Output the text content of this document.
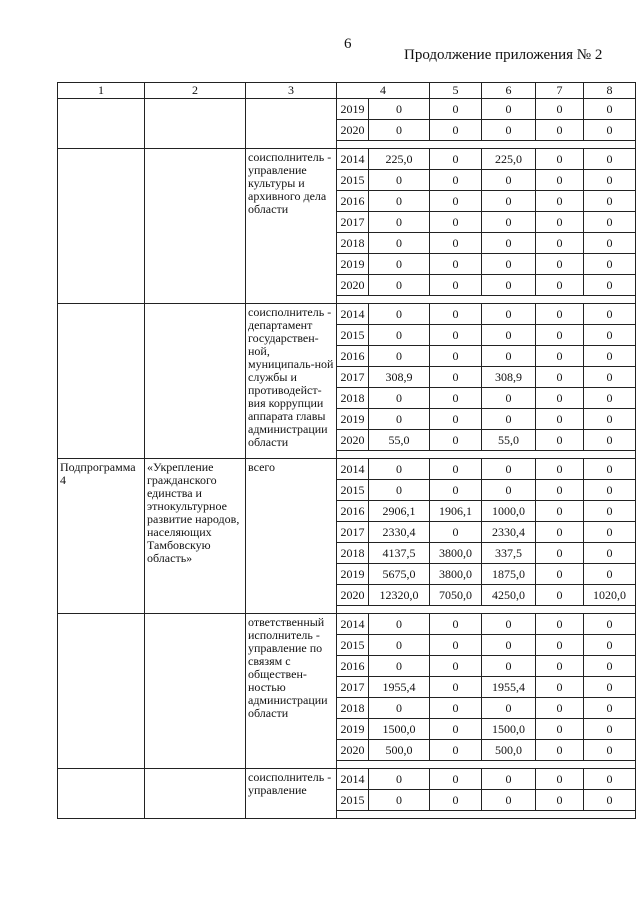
6
Продолжение приложения № 2
1	2	3	4		5	6	7	8
			2019	0	0	0	0	0
			2020	0	0	0	0	0

		соисполнитель - управление культуры и архивного дела области	2014	225,0	0	225,0	0	0
			2015	0	0	0	0	0
			2016	0	0	0	0	0
			2017	0	0	0	0	0
			2018	0	0	0	0	0
			2019	0	0	0	0	0
			2020	0	0	0	0	0

		соисполнитель - департамент государствен-ной, муниципаль-ной службы и противодейст-вия коррупции аппарата главы администрации области	2014	0	0	0	0	0
			2015	0	0	0	0	0
			2016	0	0	0	0	0
			2017	308,9	0	308,9	0	0
			2018	0	0	0	0	0
			2019	0	0	0	0	0
			2020	55,0	0	55,0	0	0

Подпрограмма 4	«Укрепление гражданского единства и этнокультурное развитие народов, населяющих Тамбовскую область»	всего	2014	0	0	0	0	0
			2015	0	0	0	0	0
			2016	2906,1	1906,1	1000,0	0	0
			2017	2330,4	0	2330,4	0	0
			2018	4137,5	3800,0	337,5	0	0
			2019	5675,0	3800,0	1875,0	0	0
			2020	12320,0	7050,0	4250,0	0	1020,0

		ответственный исполнитель - управление по связям с обществен-ностью администрации области	2014	0	0	0	0	0
			2015	0	0	0	0	0
			2016	0	0	0	0	0
			2017	1955,4	0	1955,4	0	0
			2018	0	0	0	0	0
			2019	1500,0	0	1500,0	0	0
			2020	500,0	0	500,0	0	0

		соисполнитель - управление	2014	0	0	0	0	0
			2015	0	0	0	0	0
